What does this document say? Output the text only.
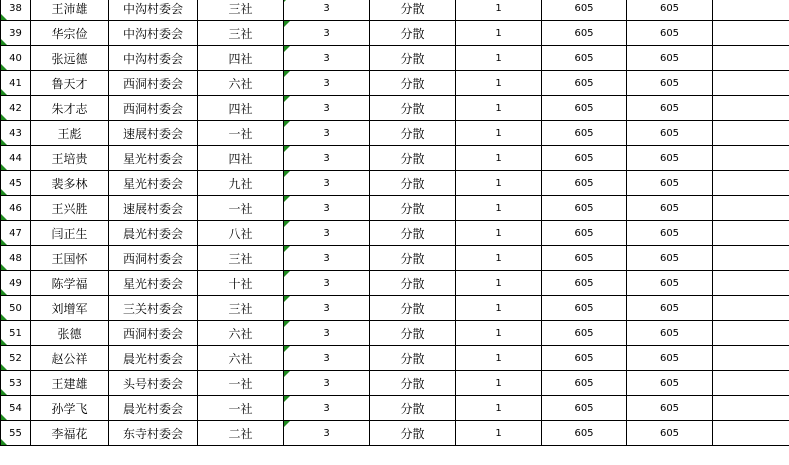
38	王沛雄	中沟村委会	三社	3	分散	1	605	605	

39	华宗俭	中沟村委会	三社	3	分散	1	605	605	

40	张远德	中沟村委会	四社	3	分散	1	605	605	

41	鲁天才	西洞村委会	六社	3	分散	1	605	605	

42	朱才志	西洞村委会	四社	3	分散	1	605	605	

43	王彪	速展村委会	一社	3	分散	1	605	605	

44	王培贵	星光村委会	四社	3	分散	1	605	605	

45	裴多林	星光村委会	九社	3	分散	1	605	605	

46	王兴胜	速展村委会	一社	3	分散	1	605	605	

47	闫正生	晨光村委会	八社	3	分散	1	605	605	

48	王国怀	西洞村委会	三社	3	分散	1	605	605	

49	陈学福	星光村委会	十社	3	分散	1	605	605	

50	刘增军	三关村委会	三社	3	分散	1	605	605	

51	张德	西洞村委会	六社	3	分散	1	605	605	

52	赵公祥	晨光村委会	六社	3	分散	1	605	605	

53	王建雄	头号村委会	一社	3	分散	1	605	605	

54	孙学飞	晨光村委会	一社	3	分散	1	605	605	

55	李福花	东寺村委会	二社	3	分散	1	605	605	
